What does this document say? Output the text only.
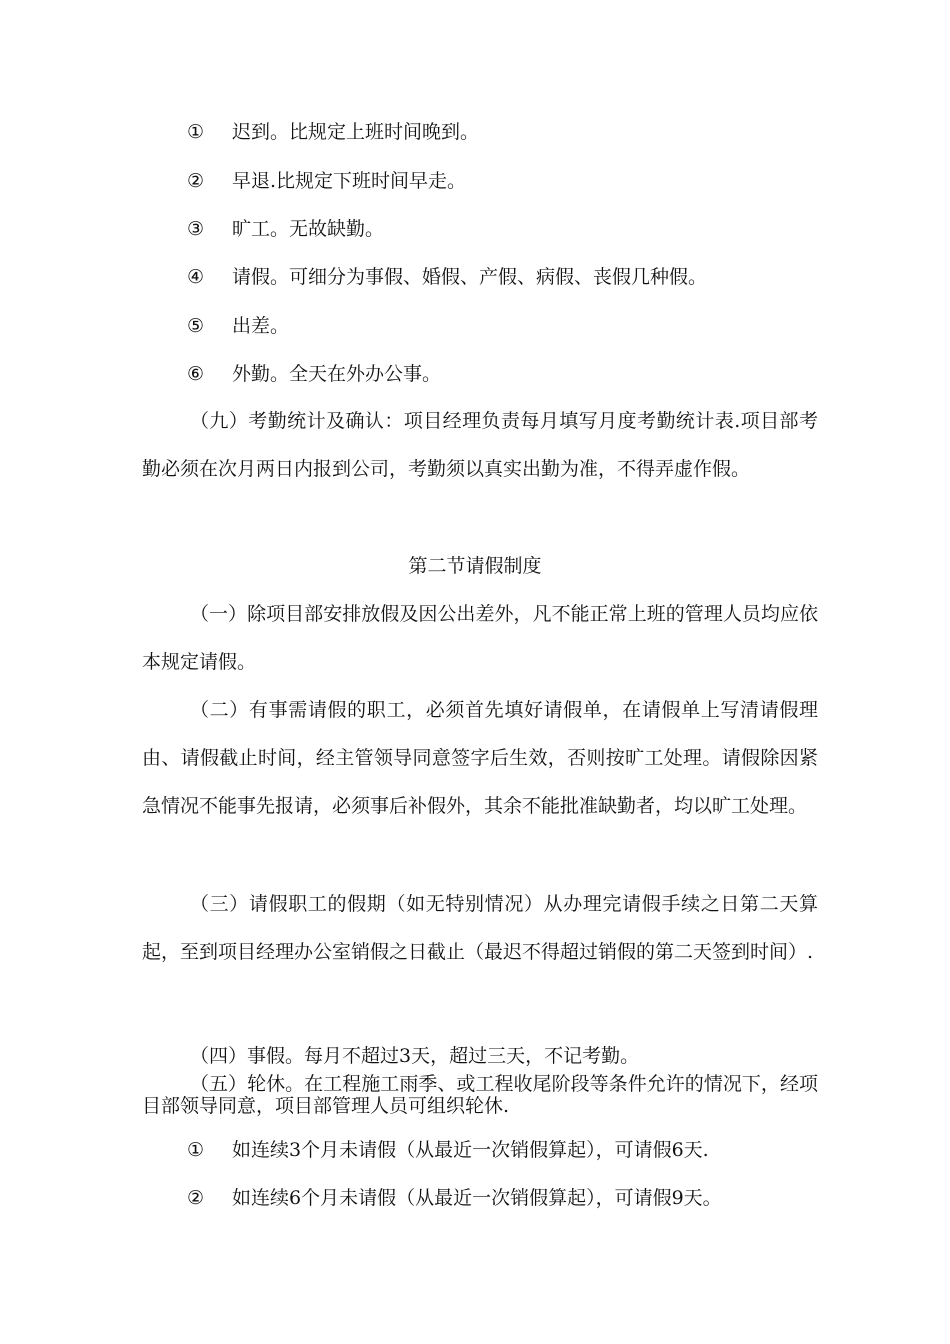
①	迟到。比规定上班时间晚到。
②	早退.比规定下班时间早走。
③	旷工。无故缺勤。
④	请假。可细分为事假、婚假、产假、病假、丧假几种假。
⑤	出差。
⑥	外勤。全天在外办公事。
（九）考勤统计及确认：项目经理负责每月填写月度考勤统计表.项目部考勤必须在次月两日内报到公司，考勤须以真实出勤为准，不得弄虚作假。
第二节请假制度
（一）除项目部安排放假及因公出差外，凡不能正常上班的管理人员均应依本规定请假。
（二）有事需请假的职工，必须首先填好请假单，在请假单上写清请假理由、请假截止时间，经主管领导同意签字后生效，否则按旷工处理。请假除因紧急情况不能事先报请，必须事后补假外，其余不能批准缺勤者，均以旷工处理。
（三）请假职工的假期（如无特别情况）从办理完请假手续之日第二天算起，至到项目经理办公室销假之日截止（最迟不得超过销假的第二天签到时间）.
（四）事假。每月不超过3天，超过三天，不记考勤。
（五）轮休。在工程施工雨季、或工程收尾阶段等条件允许的情况下，经项目部领导同意，项目部管理人员可组织轮休.
①	如连续3个月未请假（从最近一次销假算起），可请假6天.
②	如连续6个月未请假（从最近一次销假算起），可请假9天。
